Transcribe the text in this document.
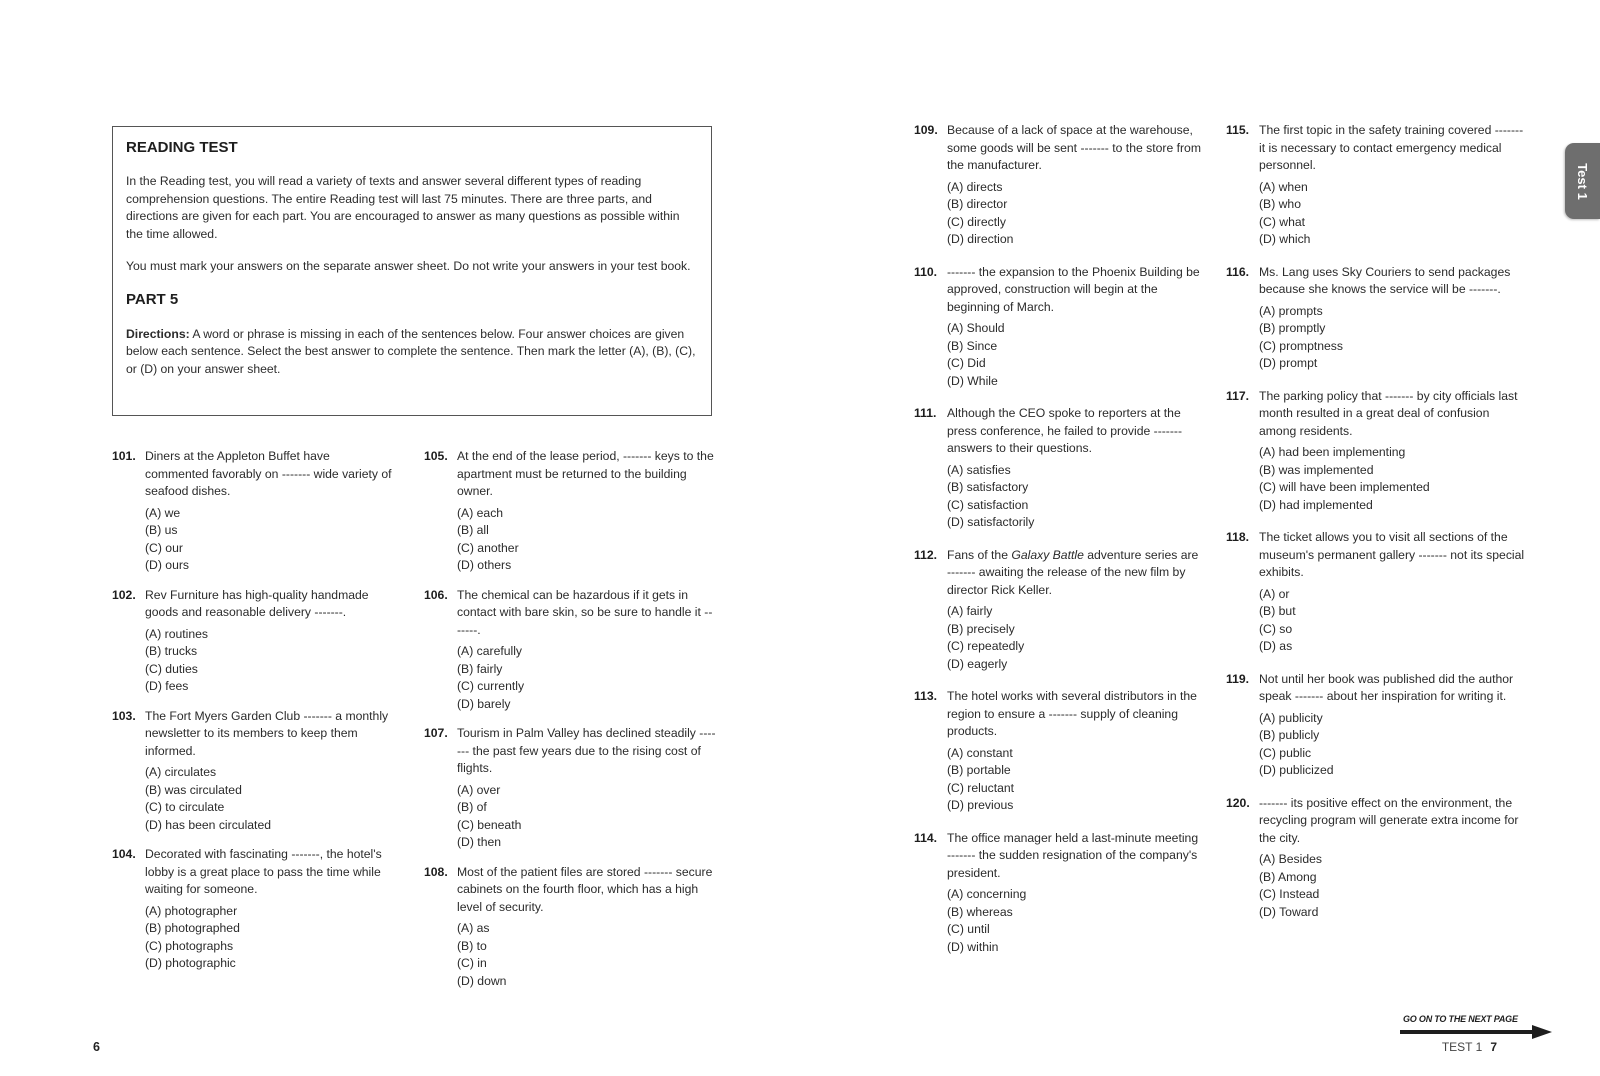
READING TEST

In the Reading test, you will read a variety of texts and answer several different types of reading comprehension questions. The entire Reading test will last 75 minutes. There are three parts, and directions are given for each part. You are encouraged to answer as many questions as possible within the time allowed.

You must mark your answers on the separate answer sheet. Do not write your answers in your test book.

PART 5

Directions: A word or phrase is missing in each of the sentences below. Four answer choices are given below each sentence. Select the best answer to complete the sentence. Then mark the letter (A), (B), (C), or (D) on your answer sheet.

101. Diners at the Appleton Buffet have commented favorably on ------- wide variety of seafood dishes.
(A) we
(B) us
(C) our
(D) ours
102. Rev Furniture has high-quality handmade goods and reasonable delivery -------.
(A) routines
(B) trucks
(C) duties
(D) fees
103. The Fort Myers Garden Club ------- a monthly newsletter to its members to keep them informed.
(A) circulates
(B) was circulated
(C) to circulate
(D) has been circulated
104. Decorated with fascinating -------, the hotel's lobby is a great place to pass the time while waiting for someone.
(A) photographer
(B) photographed
(C) photographs
(D) photographic
105. At the end of the lease period, ------- keys to the apartment must be returned to the building owner.
(A) each
(B) all
(C) another
(D) others
106. The chemical can be hazardous if it gets in contact with bare skin, so be sure to handle it -------.
(A) carefully
(B) fairly
(C) currently
(D) barely
107. Tourism in Palm Valley has declined steadily ------- the past few years due to the rising cost of flights.
(A) over
(B) of
(C) beneath
(D) then
108. Most of the patient files are stored ------- secure cabinets on the fourth floor, which has a high level of security.
(A) as
(B) to
(C) in
(D) down
6
109. Because of a lack of space at the warehouse, some goods will be sent ------- to the store from the manufacturer.
(A) directs
(B) director
(C) directly
(D) direction
110. ------- the expansion to the Phoenix Building be approved, construction will begin at the beginning of March.
(A) Should
(B) Since
(C) Did
(D) While
111. Although the CEO spoke to reporters at the press conference, he failed to provide ------- answers to their questions.
(A) satisfies
(B) satisfactory
(C) satisfaction
(D) satisfactorily
112. Fans of the Galaxy Battle adventure series are ------- awaiting the release of the new film by director Rick Keller.
(A) fairly
(B) precisely
(C) repeatedly
(D) eagerly
113. The hotel works with several distributors in the region to ensure a ------- supply of cleaning products.
(A) constant
(B) portable
(C) reluctant
(D) previous
114. The office manager held a last-minute meeting ------- the sudden resignation of the company's president.
(A) concerning
(B) whereas
(C) until
(D) within
115. The first topic in the safety training covered ------- it is necessary to contact emergency medical personnel.
(A) when
(B) who
(C) what
(D) which
116. Ms. Lang uses Sky Couriers to send packages because she knows the service will be -------.
(A) prompts
(B) promptly
(C) promptness
(D) prompt
117. The parking policy that ------- by city officials last month resulted in a great deal of confusion among residents.
(A) had been implementing
(B) was implemented
(C) will have been implemented
(D) had implemented
118. The ticket allows you to visit all sections of the museum's permanent gallery ------- not its special exhibits.
(A) or
(B) but
(C) so
(D) as
119. Not until her book was published did the author speak ------- about her inspiration for writing it.
(A) publicity
(B) publicly
(C) public
(D) publicized
120. ------- its positive effect on the environment, the recycling program will generate extra income for the city.
(A) Besides
(B) Among
(C) Instead
(D) Toward
Test 1
TEST 1 7
GO ON TO THE NEXT PAGE
